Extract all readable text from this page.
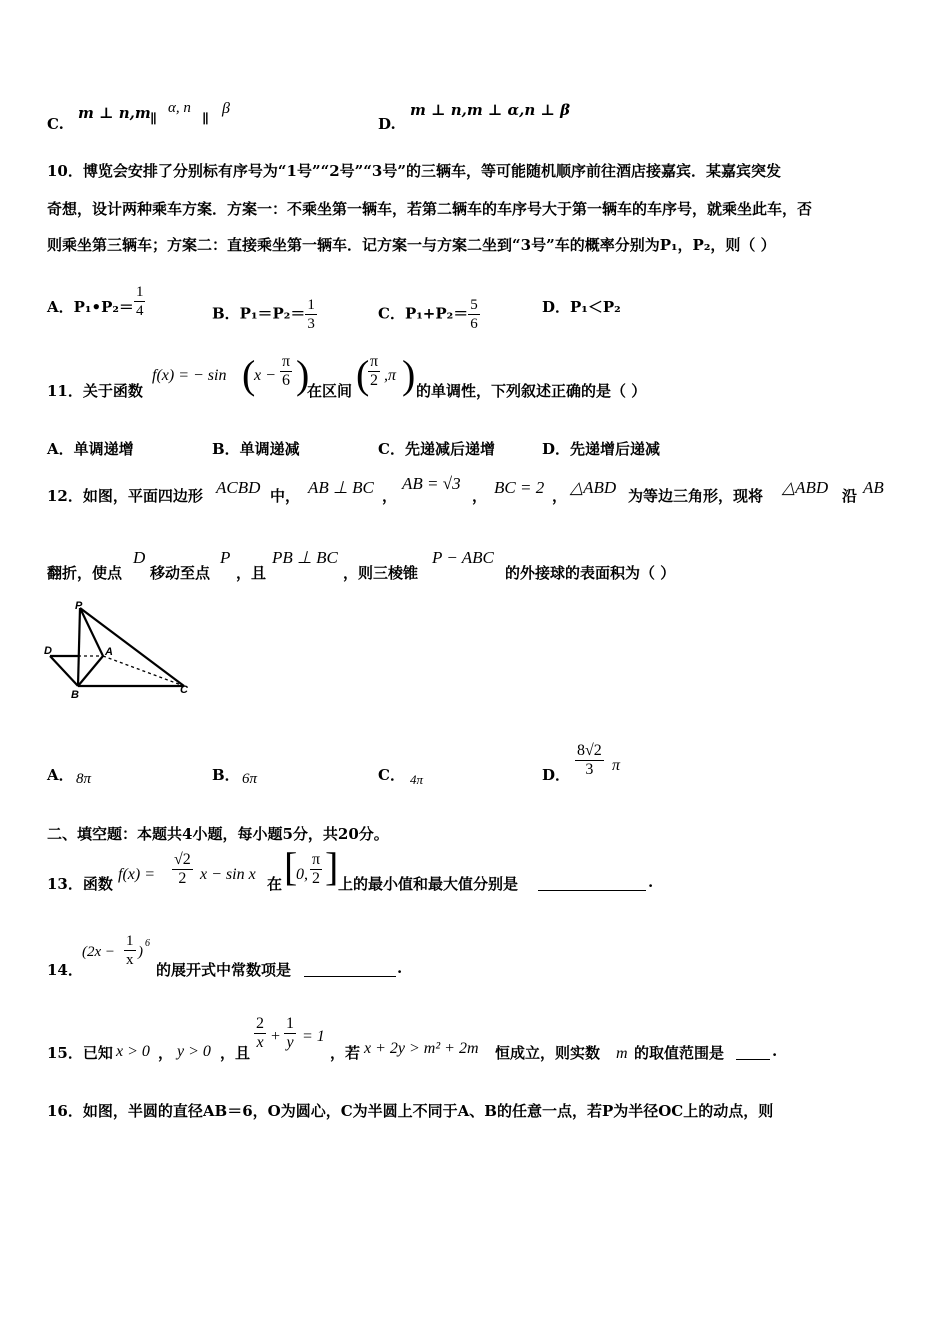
C.
m ⊥ n,m ∥
α, n
∥
β
D.
m ⊥ n,m ⊥ α,n ⊥ β
10．博览会安排了分别标有序号为“1号”“2号”“3号”的三辆车，等可能随机顺序前往酒店接嘉宾．某嘉宾突发
奇想，设计两种乘车方案．方案一：不乘坐第一辆车，若第二辆车的车序号大于第一辆车的车序号，就乘坐此车，否
则乘坐第三辆车；方案二：直接乘坐第一辆车．记方案一与方案二坐到“3号”车的概率分别为P₁，P₂，则（ ）
A．P₁•P₂＝ $\frac{1}{4}$	B．$P_1=P_2= \frac{1}{3}$	C．$P_1+P_2= \frac{5}{6}$	D．P₁＜P₂
11．关于函数
f(x) = − sin (
$x - \frac{\pi}{6}$ )
在区间 (
$\frac{\pi}{2} ,\pi$ ) 的单调性，下列叙述正确的是（ ）
A．单调递增	B．单调递减	C．先递减后递增	D．先递增后递减
12．如图，平面四边形 ACBD 中， AB ⊥ BC ，
AB = √3
， BC = 2 ， △ABD 为等边三角形，现将 △ABD 沿 AB
翻折，使点
D
移动至点
P
，且
PB ⊥ BC
，则三棱锥
P − ABC
的外接球的表面积为（ ）
P
D	A
B	C
A． 8π	B． 6π	C． 4π	D． $\frac{8√2}{3}$ π
二、填空题：本题共4小题，每小题5分，共20分。
13．函数
$f(x) = \frac{√2}{2}$ x − sin x
在 [
0, $\frac{\pi}{2}$ ] 上的最小值和最大值分别是	.
14．
($2x - \frac{1}{x}$ )
6
的展开式中常数项是	.
15．已知 x > 0 ， y > 0 ，且
$\frac{2}{x} + \frac{1}{y} = 1$
，若 x + 2y > m² + 2m 恒成立，则实数 m 的取值范围是	.
16．如图，半圆的直径AB＝6，O为圆心，C为半圆上不同于A、B的任意一点，若P为半径OC上的动点，则
